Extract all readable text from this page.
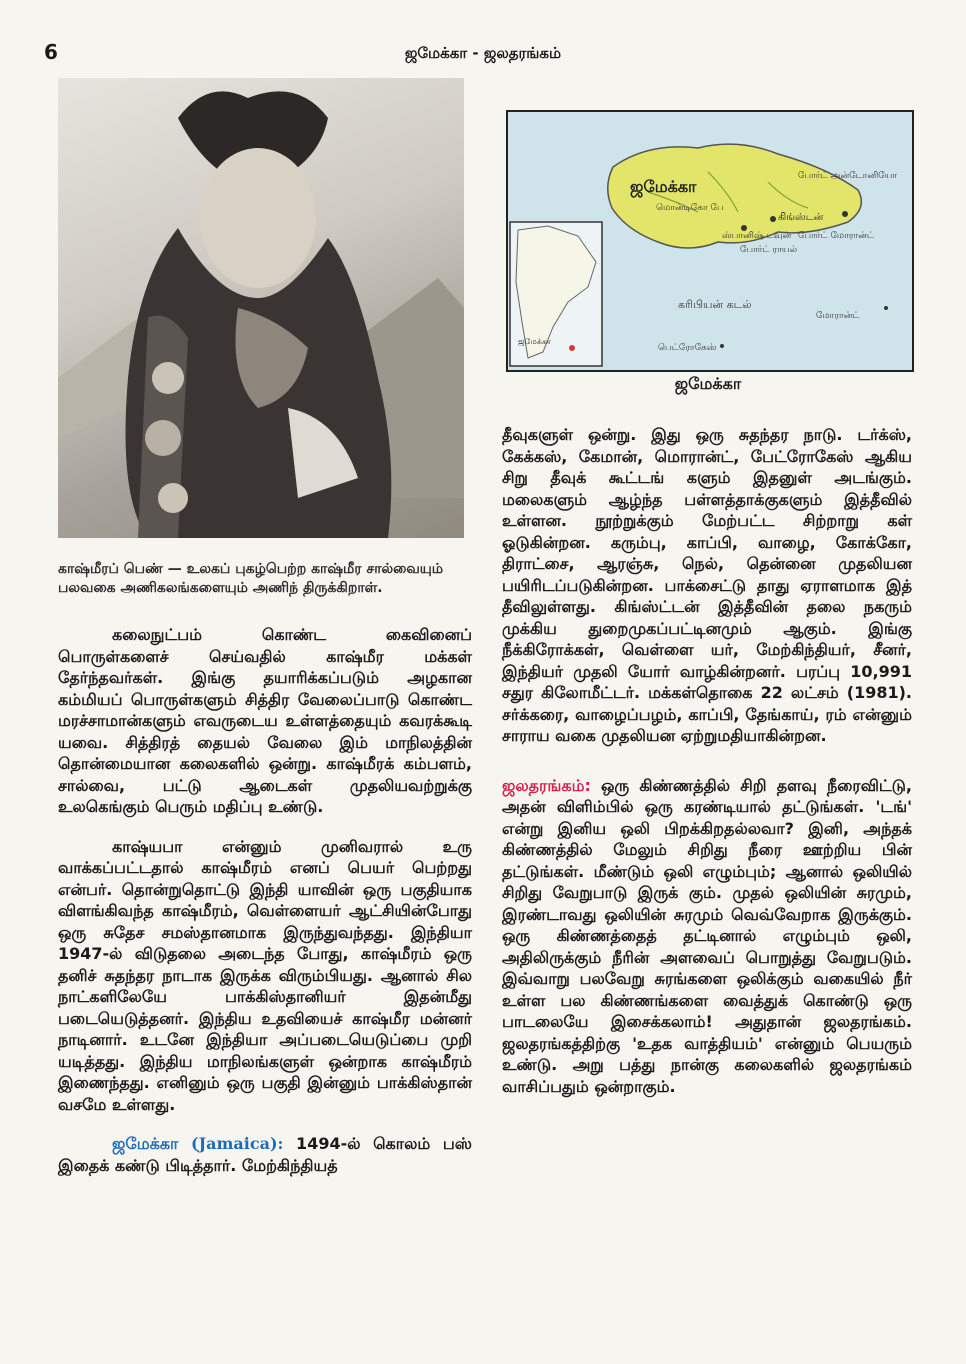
6	ஜமேக்கா - ஜலதரங்கம்
காஷ்மீரப் பெண் — உலகப் புகழ்பெற்ற காஷ்மீர சால்வையும் பலவகை அணிகலங்களையும் அணிந் திருக்கிறாள்.

கலைநுட்பம் கொண்ட கைவினைப் பொருள்களைச் செய்வதில் காஷ்மீர மக்கள் தேர்ந்தவர்கள். இங்கு தயாரிக்கப்படும் அழகான கம்மியப் பொருள்களும் சித்திர வேலைப்பாடு கொண்ட மரச்சாமான்களும் எவருடைய உள்ளத்தையும் கவரக்கூடி யவை. சித்திரத் தையல் வேலை இம் மாநிலத்தின் தொன்மையான கலைகளில் ஒன்று. காஷ்மீரக் கம்பளம், சால்வை, பட்டு ஆடைகள் முதலியவற்றுக்கு உலகெங்கும் பெரும் மதிப்பு உண்டு.

காஷ்யபா என்னும் முனிவரால் உரு வாக்கப்பட்டதால் காஷ்மீரம் எனப் பெயர் பெற்றது என்பர். தொன்றுதொட்டு இந்தி யாவின் ஒரு பகுதியாக விளங்கிவந்த காஷ்மீரம், வெள்ளையர் ஆட்சியின்போது ஒரு சுதேச சமஸ்தானமாக இருந்துவந்தது. இந்தியா 1947-ல் விடுதலை அடைந்த போது, காஷ்மீரம் ஒரு தனிச் சுதந்தர நாடாக இருக்க விரும்பியது. ஆனால் சில நாட்களிலேயே பாக்கிஸ்தானியர் இதன்மீது படையெடுத்தனர். இந்திய உதவியைச் காஷ்மீர மன்னர் நாடினார். உடனே இந்தியா அப்படையெடுப்பை முறி யடித்தது. இந்திய மாநிலங்களுள் ஒன்றாக காஷ்மீரம் இணைந்தது. எனினும் ஒரு பகுதி இன்னும் பாக்கிஸ்தான் வசமே உள்ளது.

ஜமேக்கா (Jamaica): 1494-ல் கொலம் பஸ் இதைக் கண்டு பிடித்தார். மேற்கிந்தியத்

ஜமேக்கா
ஜமேக்கா
போர்ட் அன்டோனியோ
மொன்டிகோ பே
கிங்ஸ்டன்
ஸ்பானிஷ் டவுன்
போர்ட் ராயல்
போர்ட் மோரான்ட்
கரிபியன் கடல்
மோரான்ட்
பெட்ரோகேஸ்
ஜமேக்கா

தீவுகளுள் ஒன்று. இது ஒரு சுதந்தர நாடு. டர்க்ஸ், கேக்கஸ், கேமான், மொரான்ட், பேட்ரோகேஸ் ஆகிய சிறு தீவுக் கூட்டங் களும் இதனுள் அடங்கும். மலைகளும் ஆழ்ந்த பள்ளத்தாக்குகளும் இத்தீவில் உள்ளன. நூற்றுக்கும் மேற்பட்ட சிற்றாறு கள் ஓடுகின்றன. கரும்பு, காப்பி, வாழை, கோக்கோ, திராட்சை, ஆரஞ்சு, நெல், தென்னை முதலியன பயிரிடப்படுகின்றன. பாக்சைட்டு தாது ஏராளமாக இத் தீவிலுள்ளது. கிங்ஸ்ட்டன் இத்தீவின் தலை நகரும் முக்கிய துறைமுகப்பட்டினமும் ஆகும். இங்கு நீக்கிரோக்கள், வெள்ளை யர், மேற்கிந்தியர், சீனர், இந்தியர் முதலி யோர் வாழ்கின்றனர். பரப்பு 10,991 சதுர கிலோமீட்டர். மக்கள்தொகை 22 லட்சம் (1981). சர்க்கரை, வாழைப்பழம், காப்பி, தேங்காய், ரம் என்னும் சாராய வகை முதலியன ஏற்றுமதியாகின்றன.

ஜலதரங்கம்: ஒரு கிண்ணத்தில் சிறி தளவு நீரைவிட்டு, அதன் விளிம்பில் ஒரு கரண்டியால் தட்டுங்கள். 'டங்' என்று இனிய ஒலி பிறக்கிறதல்லவா? இனி, அந்தக் கிண்ணத்தில் மேலும் சிறிது நீரை ஊற்றிய பின் தட்டுங்கள். மீண்டும் ஒலி எழும்பும்; ஆனால் ஒலியில் சிறிது வேறுபாடு இருக் கும். முதல் ஒலியின் சுரமும், இரண்டாவது ஒலியின் சுரமும் வெவ்வேறாக இருக்கும். ஒரு கிண்ணத்தைத் தட்டினால் எழும்பும் ஒலி, அதிலிருக்கும் நீரின் அளவைப் பொறுத்து வேறுபடும். இவ்வாறு பலவேறு சுரங்களை ஒலிக்கும் வகையில் நீர் உள்ள பல கிண்ணங்களை வைத்துக் கொண்டு ஒரு பாடலையே இசைக்கலாம்! அதுதான் ஜலதரங்கம். ஜலதரங்கத்திற்கு 'உதக வாத்தியம்' என்னும் பெயரும் உண்டு. அறு பத்து நான்கு கலைகளில் ஜலதரங்கம் வாசிப்பதும் ஒன்றாகும்.
